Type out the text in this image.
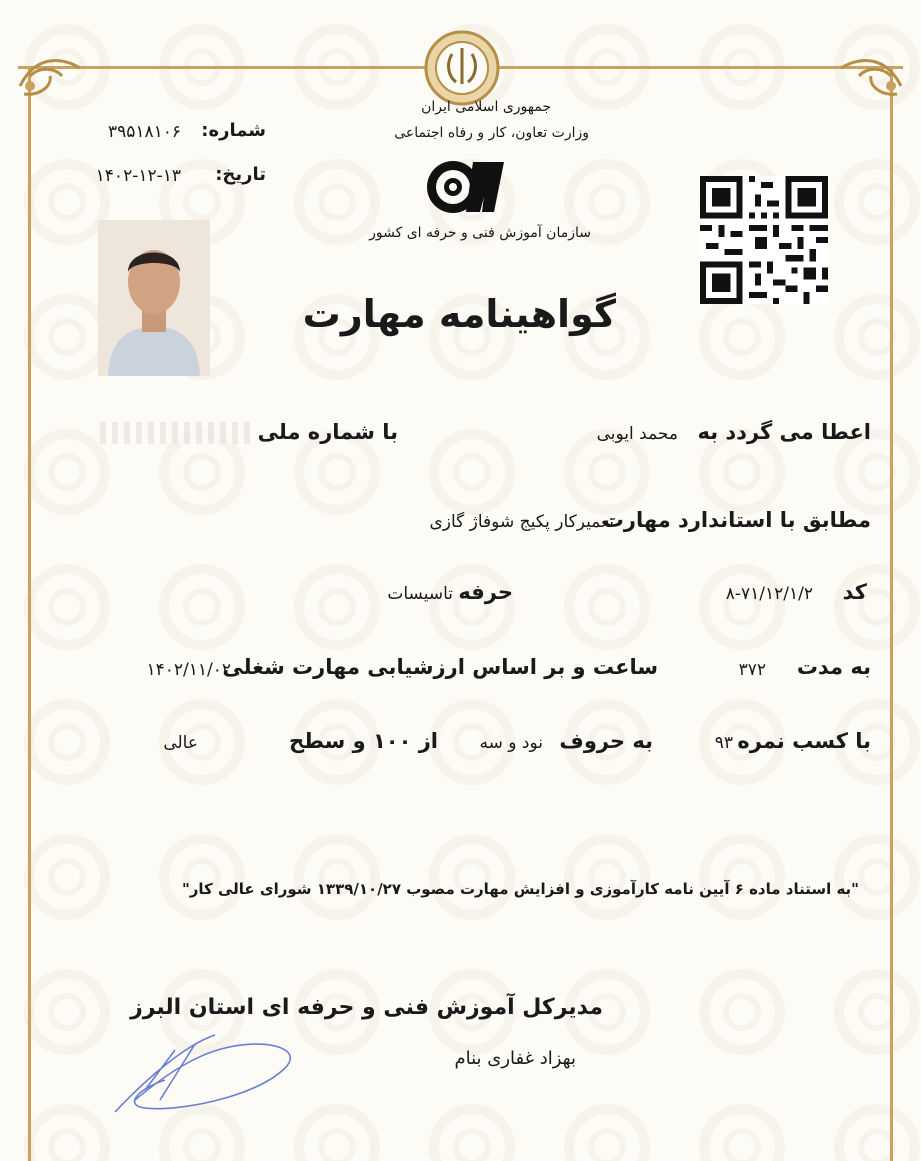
جمهوری اسلامی ایران
وزارت تعاون، کار و رفاه اجتماعی
سازمان آموزش فنی و حرفه ای کشور
شماره:
۳۹۵۱۸۱۰۶
تاریخ:
۱۴۰۲-۱۲-۱۳
گواهینامه مهارت
اعطا می گردد به
محمد ایوبی
با شماره ملی
مطابق با استاندارد مهارت
تعمیرکار پکیج شوفاژ گازی
کد
۸-۷۱/۱۲/۱/۲
حرفه
تاسیسات
به مدت
۳۷۲
ساعت و بر اساس ارزشیابی مهارت شغلی
۱۴۰۲/۱۱/۰۲
با کسب نمره
۹۳
به حروف
نود و سه
از ۱۰۰ و سطح
عالی
"به استناد ماده ۶ آیین نامه کارآموزی و افزایش مهارت مصوب ۱۳۳۹/۱۰/۲۷ شورای عالی کار"
مدیرکل آموزش فنی و حرفه ای استان البرز
بهزاد غفاری بنام
